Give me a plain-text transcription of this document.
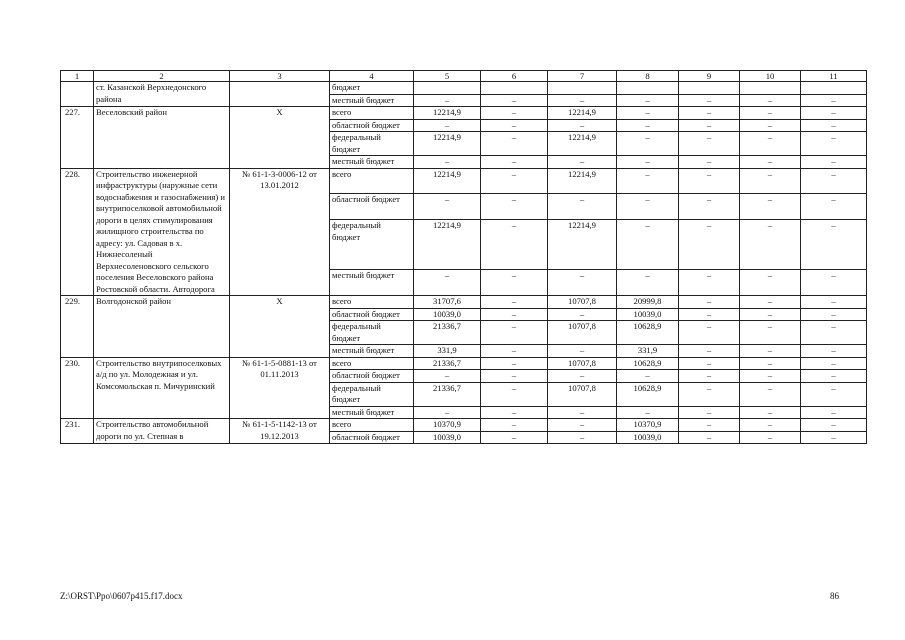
1	2	3	4	5	6	7	8	9	10	11
	ст. Казанской Верхнедонского района		бюджет							
			местный бюджет	–	–	–	–	–	–	–
227.	Веселовский район	Х	всего	12214,9	–	12214,9	–	–	–	–
			областной бюджет	–	–	–	–	–	–	–
			федеральный бюджет	12214,9	–	12214,9	–	–	–	–
			местный бюджет	–	–	–	–	–	–	–
228.	Строительство инженерной инфраструктуры (наружные сети водоснабжения и газоснабжения) и внутрипоселковой автомобильной дороги в целях стимулирования жилищного строительства по адресу: ул. Садовая в х. Нижнесоленый Верхнесоленовского сельского поселения Веселовского района Ростовской области. Автодорога	№ 61-1-3-0006-12 от 13.01.2012	всего	12214,9	–	12214,9	–	–	–	–
			областной бюджет	–	–	–	–	–	–	–
			федеральный бюджет	12214,9	–	12214,9	–	–	–	–
			местный бюджет	–	–	–	–	–	–	–
229.	Волгодонской район	Х	всего	31707,6	–	10707,8	20999,8	–	–	–
			областной бюджет	10039,0	–	–	10039,0	–	–	–
			федеральный бюджет	21336,7	–	10707,8	10628,9	–	–	–
			местный бюджет	331,9	–	–	331,9	–	–	–
230.	Строительство внутрипоселковых а/д по ул. Молодежная и ул. Комсомольская п. Мичуринский	№ 61-1-5-0881-13 от 01.11.2013	всего	21336,7	–	10707,8	10628,9	–	–	–
			областной бюджет	–	–	–	–	–	–	–
			федеральный бюджет	21336,7	–	10707,8	10628,9	–	–	–
			местный бюджет	–	–	–	–	–	–	–
231.	Строительство автомобильной дороги по ул. Степная в	№ 61-1-5-1142-13 от 19.12.2013	всего	10370,9	–	–	10370,9	–	–	–
			областной бюджет	10039,0	–	–	10039,0	–	–	–
Z:\ORST\Ppo\0607p415.f17.docx	86
